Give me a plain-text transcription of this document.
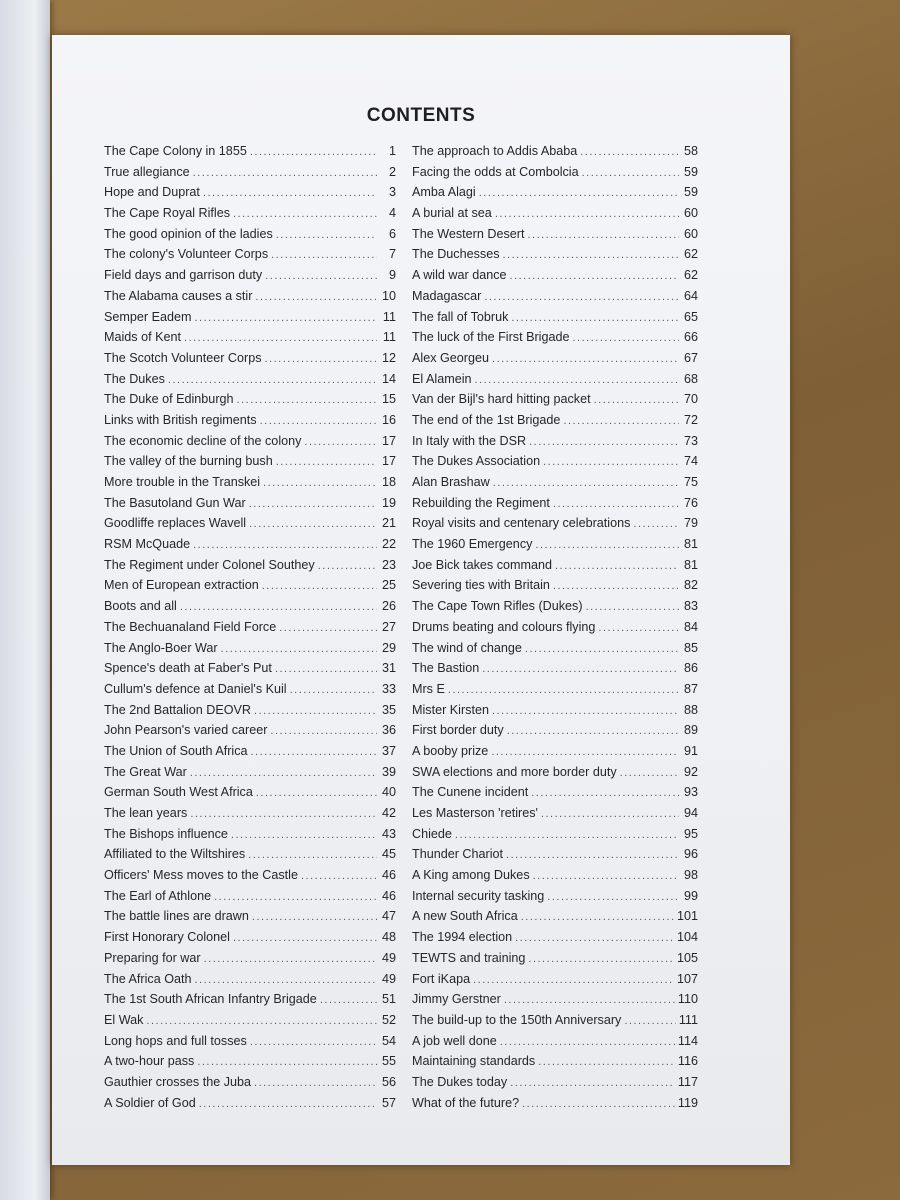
CONTENTS
The Cape Colony in 1855 .....	1
True allegiance .....	2
Hope and Duprat .....	3
The Cape Royal Rifles .....	4
The good opinion of the ladies .....	6
The colony's Volunteer Corps .....	7
Field days and garrison duty .....	9
The Alabama causes a stir .....	10
Semper Eadem .....	11
Maids of Kent .....	11
The Scotch Volunteer Corps .....	12
The Dukes .....	14
The Duke of Edinburgh .....	15
Links with British regiments .....	16
The economic decline of the colony .....	17
The valley of the burning bush .....	17
More trouble in the Transkei .....	18
The Basutoland Gun War .....	19
Goodliffe replaces Wavell .....	21
RSM McQuade .....	22
The Regiment under Colonel Southey .....	23
Men of European extraction .....	25
Boots and all .....	26
The Bechuanaland Field Force .....	27
The Anglo-Boer War .....	29
Spence's death at Faber's Put .....	31
Cullum's defence at Daniel's Kuil .....	33
The 2nd Battalion DEOVR .....	35
John Pearson's varied career .....	36
The Union of South Africa .....	37
The Great War .....	39
German South West Africa .....	40
The lean years .....	42
The Bishops influence .....	43
Affiliated to the Wiltshires .....	45
Officers' Mess moves to the Castle .....	46
The Earl of Athlone .....	46
The battle lines are drawn .....	47
First Honorary Colonel .....	48
Preparing for war .....	49
The Africa Oath .....	49
The 1st South African Infantry Brigade .....	51
El Wak .....	52
Long hops and full tosses .....	54
A two-hour pass .....	55
Gauthier crosses the Juba .....	56
A Soldier of God .....	57
The approach to Addis Ababa .....	58
Facing the odds at Combolcia .....	59
Amba Alagi .....	59
A burial at sea .....	60
The Western Desert .....	60
The Duchesses .....	62
A wild war dance .....	62
Madagascar .....	64
The fall of Tobruk .....	65
The luck of the First Brigade .....	66
Alex Georgeu .....	67
El Alamein .....	68
Van der Bijl's hard hitting packet .....	70
The end of the 1st Brigade .....	72
In Italy with the DSR .....	73
The Dukes Association .....	74
Alan Brashaw .....	75
Rebuilding the Regiment .....	76
Royal visits and centenary celebrations .....	79
The 1960 Emergency .....	81
Joe Bick takes command .....	81
Severing ties with Britain .....	82
The Cape Town Rifles (Dukes) .....	83
Drums beating and colours flying .....	84
The wind of change .....	85
The Bastion .....	86
Mrs E .....	87
Mister Kirsten .....	88
First border duty .....	89
A booby prize .....	91
SWA elections and more border duty .....	92
The Cunene incident .....	93
Les Masterson 'retires' .....	94
Chiede .....	95
Thunder Chariot .....	96
A King among Dukes .....	98
Internal security tasking .....	99
A new South Africa .....	101
The 1994 election .....	104
TEWTS and training .....	105
Fort iKapa .....	107
Jimmy Gerstner .....	110
The build-up to the 150th Anniversary .....	111
A job well done .....	114
Maintaining standards .....	116
The Dukes today .....	117
What of the future? .....	119
